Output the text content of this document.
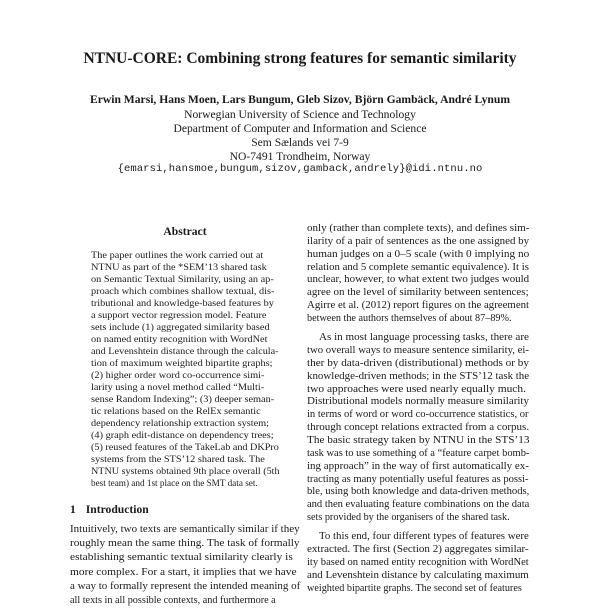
NTNU-CORE: Combining strong features for semantic similarity
Erwin Marsi, Hans Moen, Lars Bungum, Gleb Sizov, Björn Gambäck, André Lynum
Norwegian University of Science and Technology
Department of Computer and Information and Science
Sem Sælands vei 7-9
NO-7491 Trondheim, Norway
{emarsi,hansmoe,bungum,sizov,gamback,andrely}@idi.ntnu.no
Abstract
The paper outlines the work carried out at
NTNU as part of the *SEM’13 shared task
on Semantic Textual Similarity, using an ap-
proach which combines shallow textual, dis-
tributional and knowledge-based features by
a support vector regression model. Feature
sets include (1) aggregated similarity based
on named entity recognition with WordNet
and Levenshtein distance through the calcula-
tion of maximum weighted bipartite graphs;
(2) higher order word co-occurrence simi-
larity using a novel method called “Multi-
sense Random Indexing”; (3) deeper seman-
tic relations based on the RelEx semantic
dependency relationship extraction system;
(4) graph edit-distance on dependency trees;
(5) reused features of the TakeLab and DKPro
systems from the STS’12 shared task. The
NTNU systems obtained 9th place overall (5th
best team) and 1st place on the SMT data set.
1 Introduction
Intuitively, two texts are semantically similar if they
roughly mean the same thing. The task of formally
establishing semantic textual similarity clearly is
more complex. For a start, it implies that we have
a way to formally represent the intended meaning of
all texts in all possible contexts, and furthermore a
only (rather than complete texts), and defines sim-
ilarity of a pair of sentences as the one assigned by
human judges on a 0–5 scale (with 0 implying no
relation and 5 complete semantic equivalence). It is
unclear, however, to what extent two judges would
agree on the level of similarity between sentences;
Agirre et al. (2012) report figures on the agreement
between the authors themselves of about 87–89%.
As in most language processing tasks, there are
two overall ways to measure sentence similarity, ei-
ther by data-driven (distributional) methods or by
knowledge-driven methods; in the STS’12 task the
two approaches were used nearly equally much.
Distributional models normally measure similarity
in terms of word or word co-occurrence statistics, or
through concept relations extracted from a corpus.
The basic strategy taken by NTNU in the STS’13
task was to use something of a “feature carpet bomb-
ing approach” in the way of first automatically ex-
tracting as many potentially useful features as possi-
ble, using both knowledge and data-driven methods,
and then evaluating feature combinations on the data
sets provided by the organisers of the shared task.
To this end, four different types of features were
extracted. The first (Section 2) aggregates similar-
ity based on named entity recognition with WordNet
and Levenshtein distance by calculating maximum
weighted bipartite graphs. The second set of features
